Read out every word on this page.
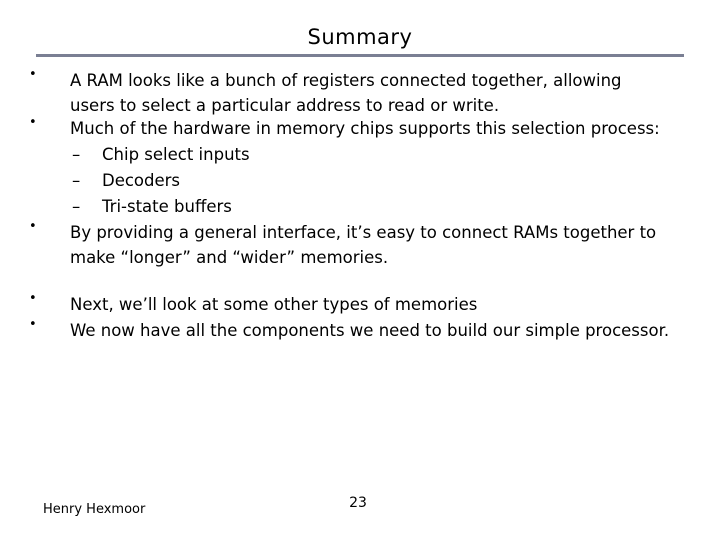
Summary
• A RAM looks like a bunch of registers connected together, allowing
users to select a particular address to read or write.
• Much of the hardware in memory chips supports this selection process:
– Chip select inputs
– Decoders
– Tri-state buffers
• By providing a general interface, it’s easy to connect RAMs together to
make “longer” and “wider” memories.
• Next, we’ll look at some other types of memories
• We now have all the components we need to build our simple processor.
Henry Hexmoor	23
